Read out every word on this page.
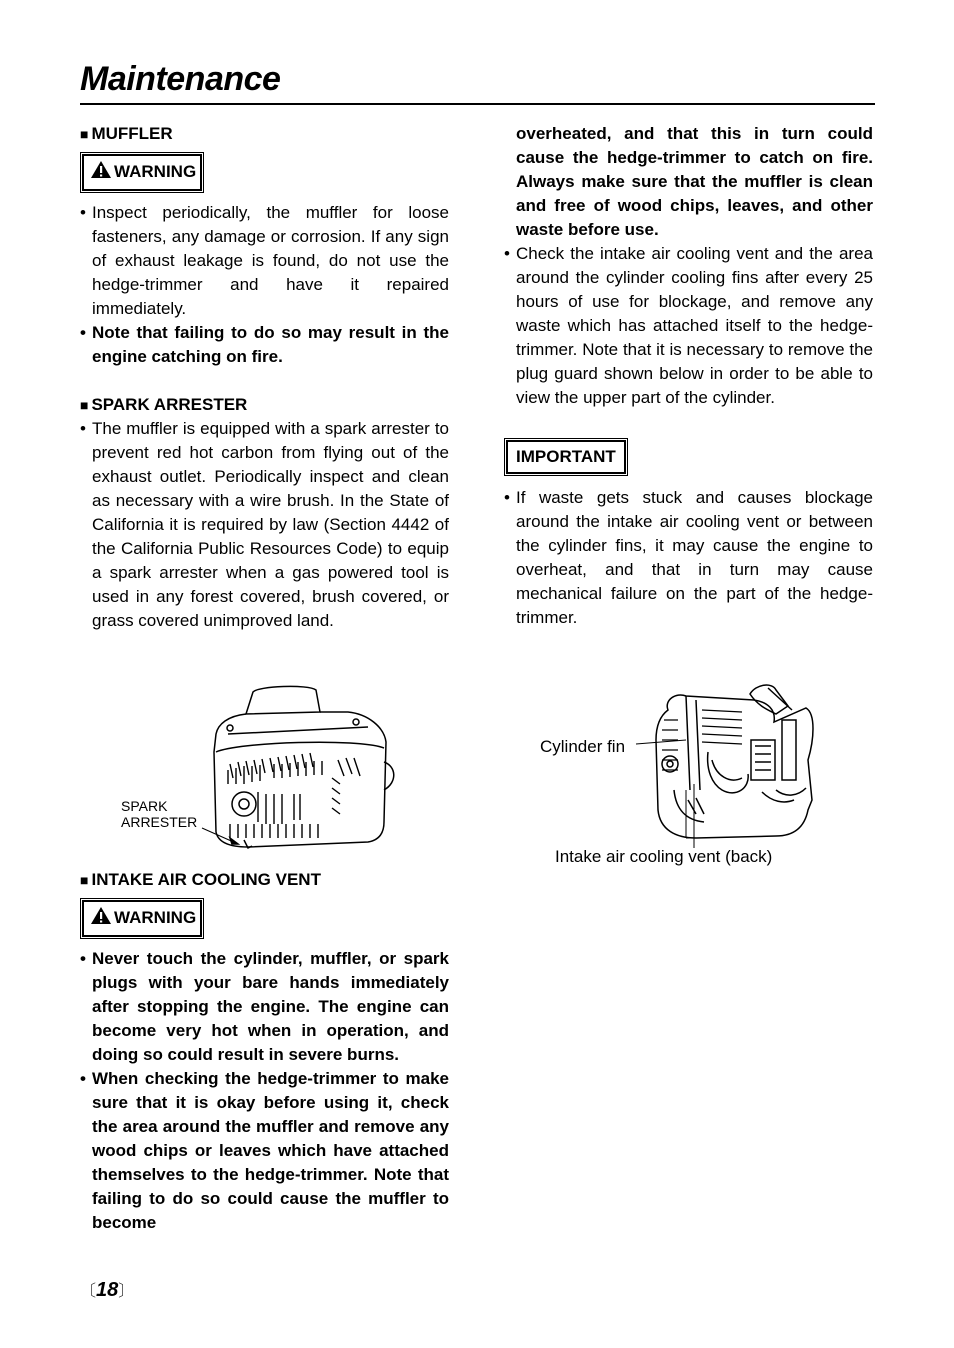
Maintenance

■ MUFFLER

WARNING

• Inspect periodically, the muffler for loose fasteners, any damage or corrosion. If any sign of exhaust leakage is found, do not use the hedge-trimmer and have it repaired immediately.

• Note that failing to do so may result in the engine catching on fire.

■ SPARK ARRESTER

• The muffler is equipped with a spark arrester to prevent red hot carbon from flying out of the exhaust outlet. Periodically inspect and clean as necessary with a wire brush. In the State of California it is required by law (Section 4442 of the California Public Resources Code) to equip a spark arrester when a gas powered tool is used in any forest covered, brush covered, or grass covered unimproved land.

SPARK
ARRESTER

■ INTAKE AIR COOLING VENT

WARNING

• Never touch the cylinder, muffler, or spark plugs with your bare hands immediately after stopping the engine. The engine can become very hot when in operation, and doing so could result in severe burns.

• When checking the hedge-trimmer to make sure that it is okay before using it, check the area around the muffler and remove any wood chips or leaves which have attached themselves to the hedge-trimmer. Note that failing to do so could cause the muffler to become

overheated, and that this in turn could cause the hedge-trimmer to catch on fire. Always make sure that the muffler is clean and free of wood chips, leaves, and other waste before use.

• Check the intake air cooling vent and the area around the cylinder cooling fins after every 25 hours of use for blockage, and remove any waste which has attached itself to the hedge-trimmer. Note that it is necessary to remove the plug guard shown below in order to be able to view the upper part of the cylinder.

IMPORTANT

• If waste gets stuck and causes blockage around the intake air cooling vent or between the cylinder fins, it may cause the engine to overheat, and that in turn may cause mechanical failure on the part of the hedge-trimmer.

Cylinder fin
Intake air cooling vent (back)
〔18〕
